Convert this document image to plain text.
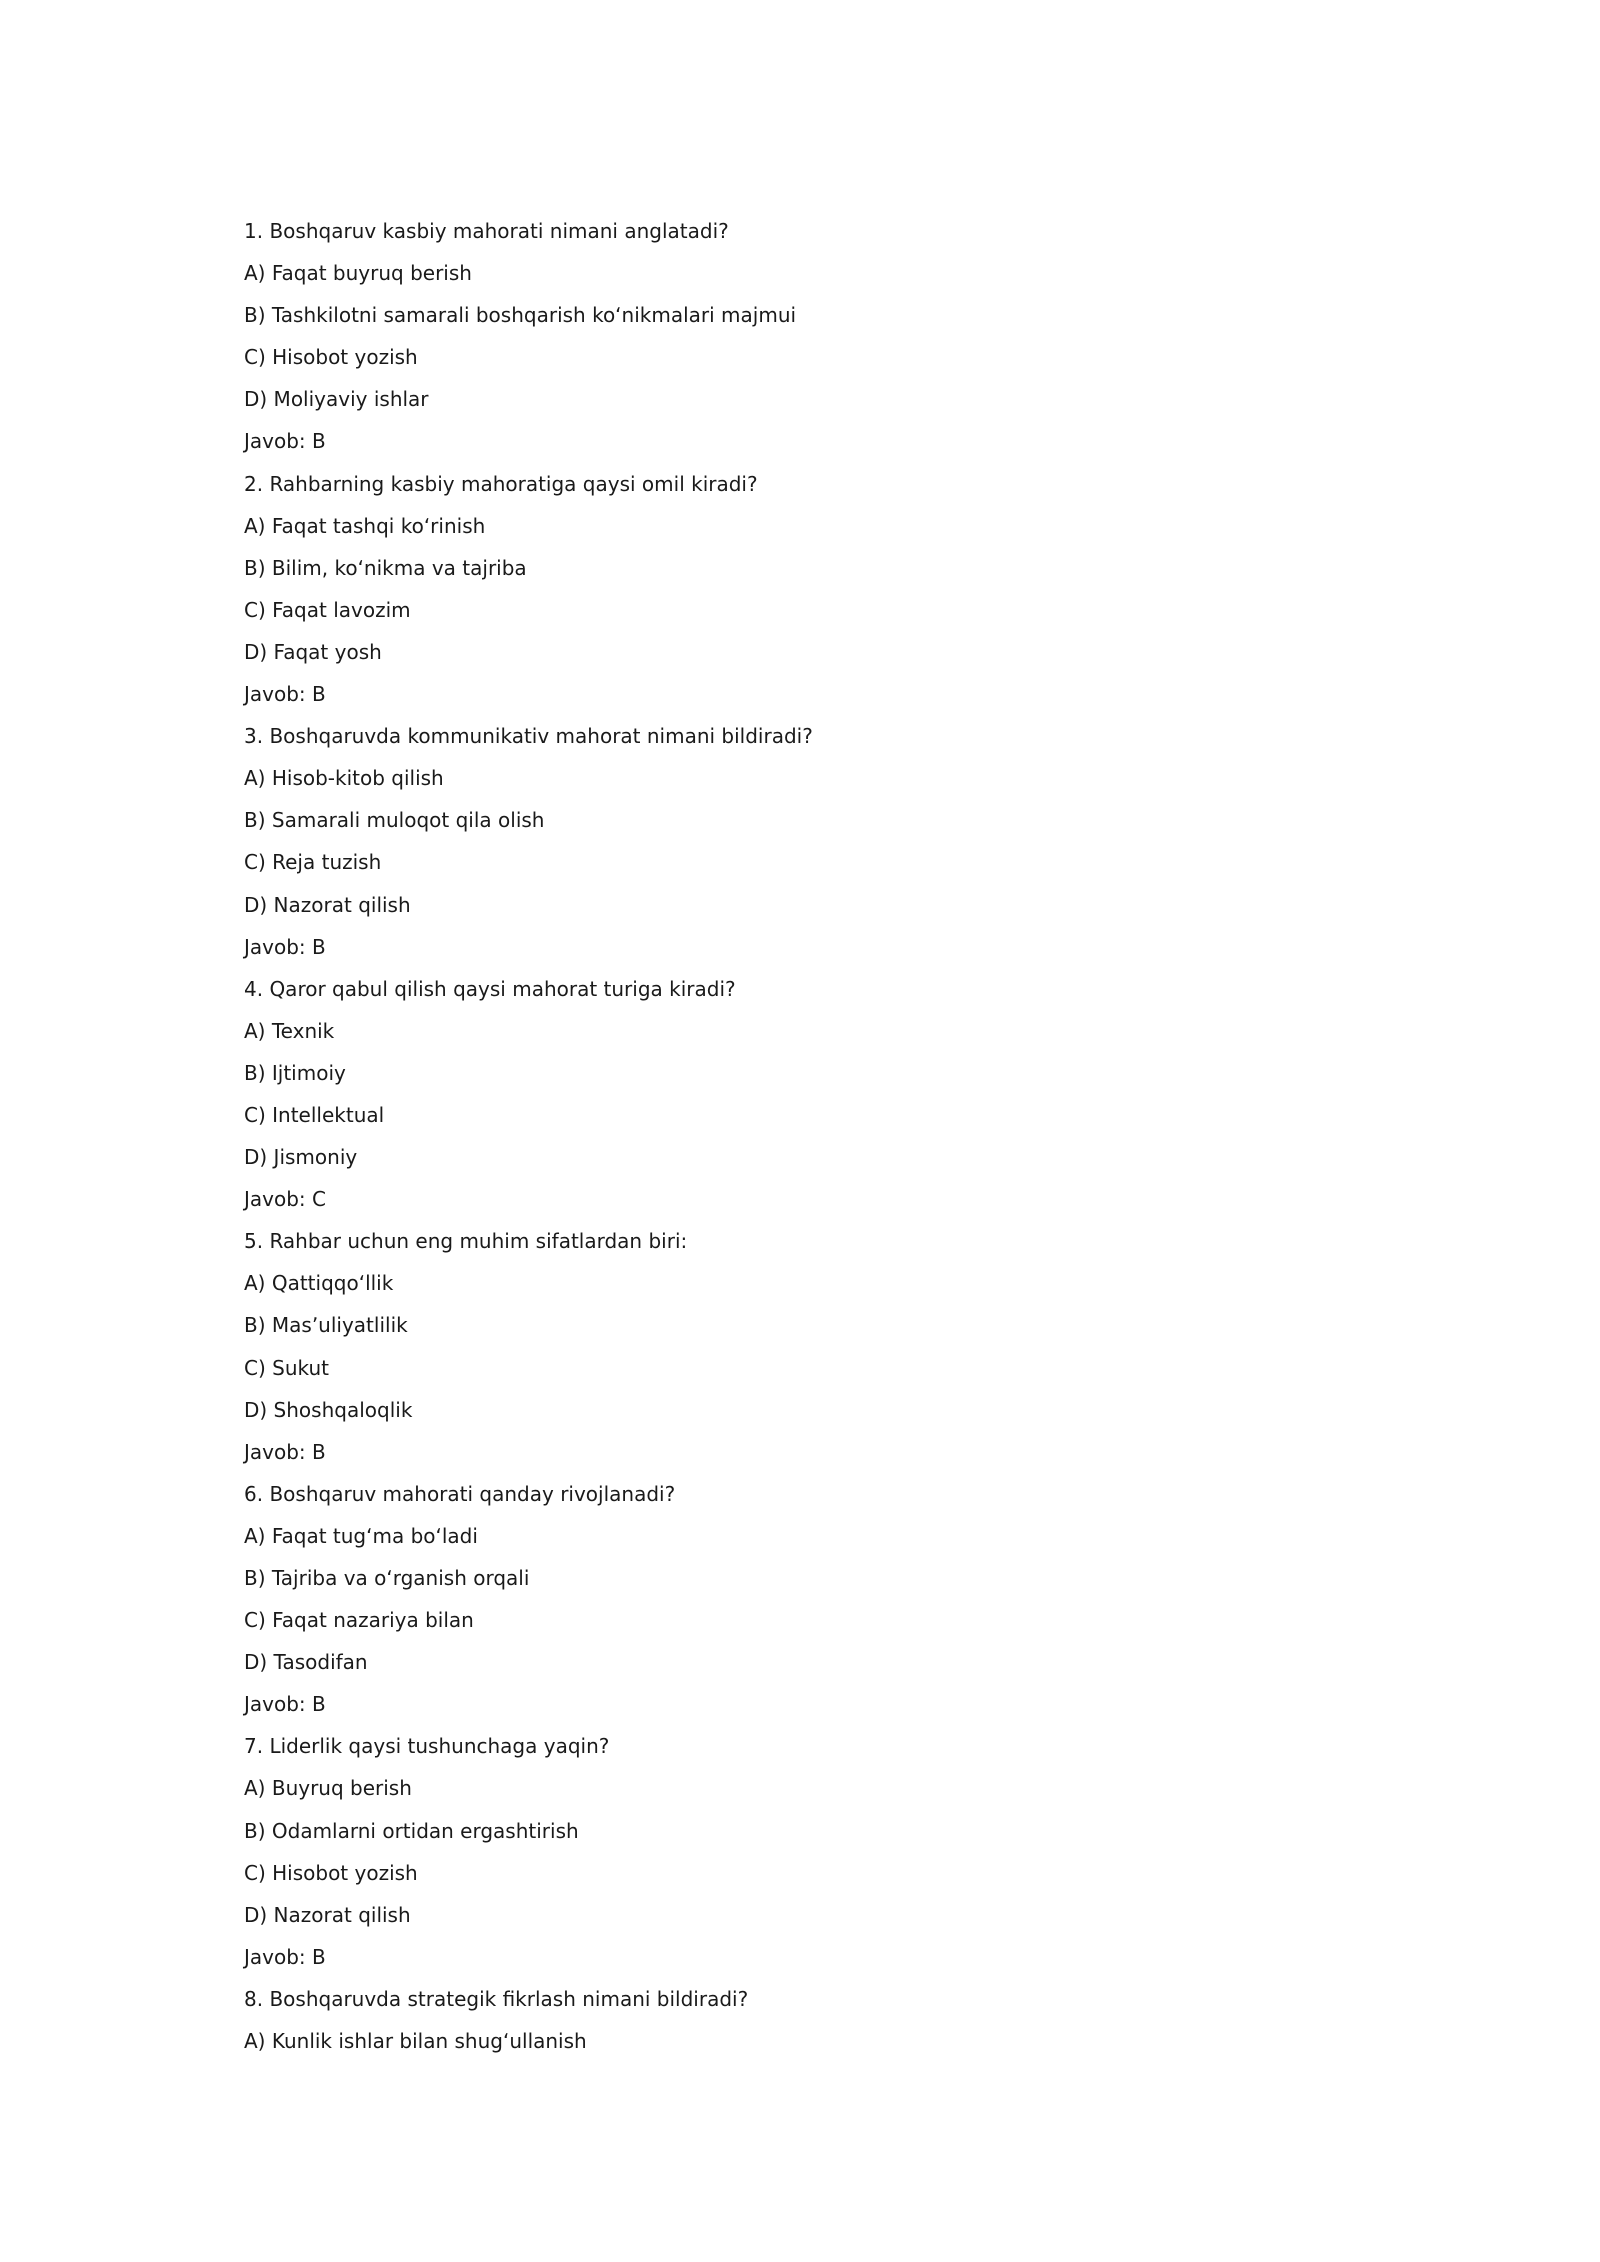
1. Boshqaruv kasbiy mahorati nimani anglatadi?

A) Faqat buyruq berish

B) Tashkilotni samarali boshqarish koʻnikmalari majmui

C) Hisobot yozish

D) Moliyaviy ishlar

Javob: B

2. Rahbarning kasbiy mahoratiga qaysi omil kiradi?

A) Faqat tashqi koʻrinish

B) Bilim, koʻnikma va tajriba

C) Faqat lavozim

D) Faqat yosh

Javob: B

3. Boshqaruvda kommunikativ mahorat nimani bildiradi?

A) Hisob-kitob qilish

B) Samarali muloqot qila olish

C) Reja tuzish

D) Nazorat qilish

Javob: B

4. Qaror qabul qilish qaysi mahorat turiga kiradi?

A) Texnik

B) Ijtimoiy

C) Intellektual

D) Jismoniy

Javob: C

5. Rahbar uchun eng muhim sifatlardan biri:

A) Qattiqqoʻllik

B) Masʼuliyatlilik

C) Sukut

D) Shoshqaloqlik

Javob: B

6. Boshqaruv mahorati qanday rivojlanadi?

A) Faqat tugʻma boʻladi

B) Tajriba va oʻrganish orqali

C) Faqat nazariya bilan

D) Tasodifan

Javob: B

7. Liderlik qaysi tushunchaga yaqin?

A) Buyruq berish

B) Odamlarni ortidan ergashtirish

C) Hisobot yozish

D) Nazorat qilish

Javob: B

8. Boshqaruvda strategik fikrlash nimani bildiradi?

A) Kunlik ishlar bilan shugʻullanish
